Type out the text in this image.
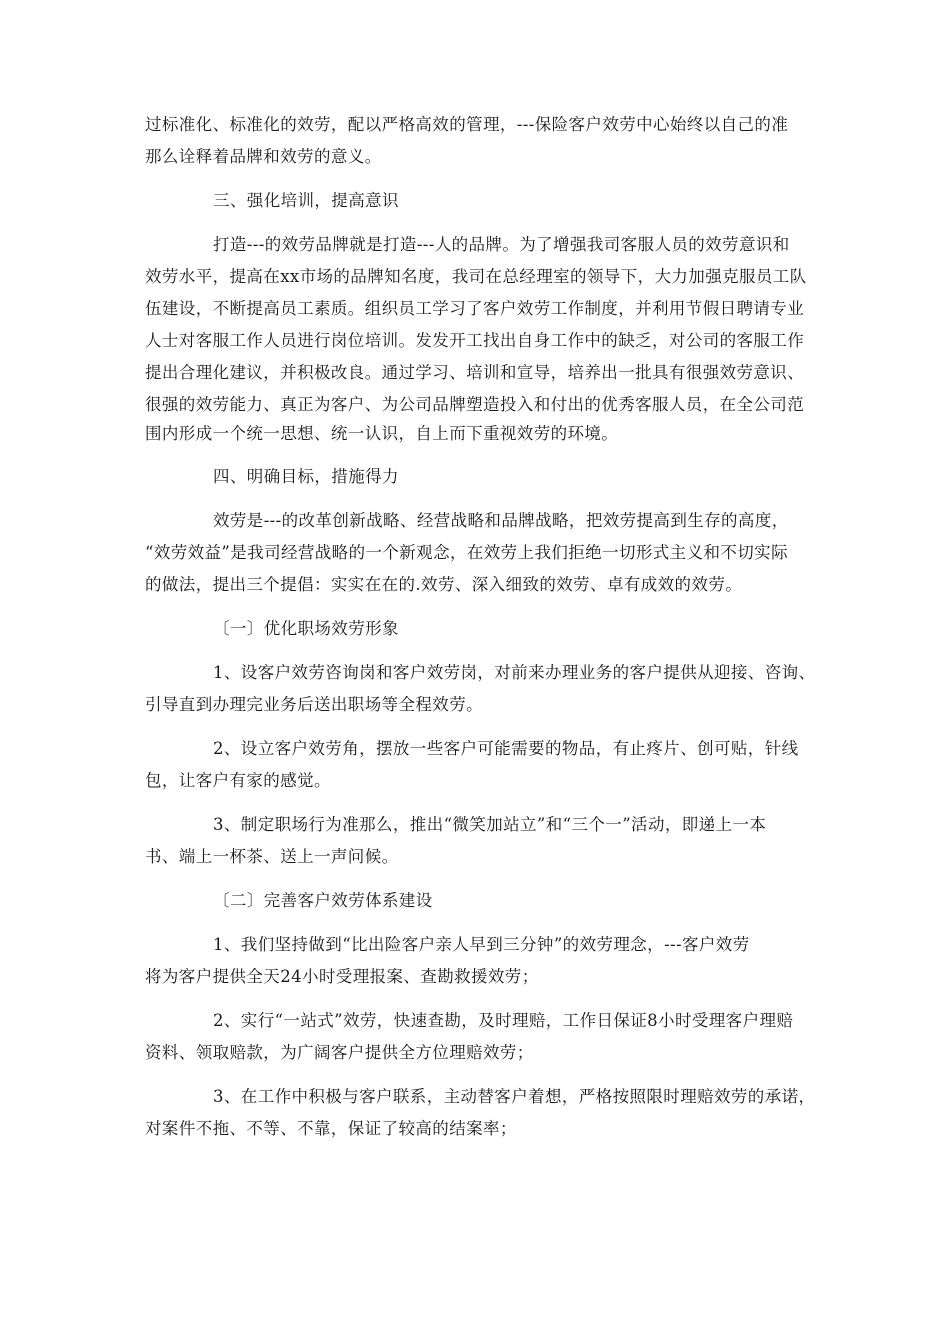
过标准化、标准化的效劳，配以严格高效的管理，---保险客户效劳中心始终以自己的准
那么诠释着品牌和效劳的意义。
三、强化培训，提高意识
打造---的效劳品牌就是打造---人的品牌。为了增强我司客服人员的效劳意识和
效劳水平，提高在xx市场的品牌知名度，我司在总经理室的领导下，大力加强克服员工队
伍建设，不断提高员工素质。组织员工学习了客户效劳工作制度，并利用节假日聘请专业
人士对客服工作人员进行岗位培训。发发开工找出自身工作中的缺乏，对公司的客服工作
提出合理化建议，并积极改良。通过学习、培训和宣导，培养出一批具有很强效劳意识、
很强的效劳能力、真正为客户、为公司品牌塑造投入和付出的优秀客服人员，在全公司范
围内形成一个统一思想、统一认识，自上而下重视效劳的环境。
四、明确目标，措施得力
效劳是---的改革创新战略、经营战略和品牌战略，把效劳提高到生存的高度，
“效劳效益”是我司经营战略的一个新观念，在效劳上我们拒绝一切形式主义和不切实际
的做法，提出三个提倡：实实在在的.效劳、深入细致的效劳、卓有成效的效劳。
〔一〕优化职场效劳形象
1、设客户效劳咨询岗和客户效劳岗，对前来办理业务的客户提供从迎接、咨询、
引导直到办理完业务后送出职场等全程效劳。
2、设立客户效劳角，摆放一些客户可能需要的物品，有止疼片、创可贴，针线
包，让客户有家的感觉。
3、制定职场行为准那么，推出“微笑加站立”和“三个一”活动，即递上一本
书、端上一杯茶、送上一声问候。
〔二〕完善客户效劳体系建设
1、我们坚持做到“比出险客户亲人早到三分钟”的效劳理念，---客户效劳
将为客户提供全天24小时受理报案、查勘救援效劳；
2、实行“一站式”效劳，快速查勘，及时理赔，工作日保证8小时受理客户理赔
资料、领取赔款，为广阔客户提供全方位理赔效劳；
3、在工作中积极与客户联系，主动替客户着想，严格按照限时理赔效劳的承诺，
对案件不拖、不等、不靠，保证了较高的结案率；
